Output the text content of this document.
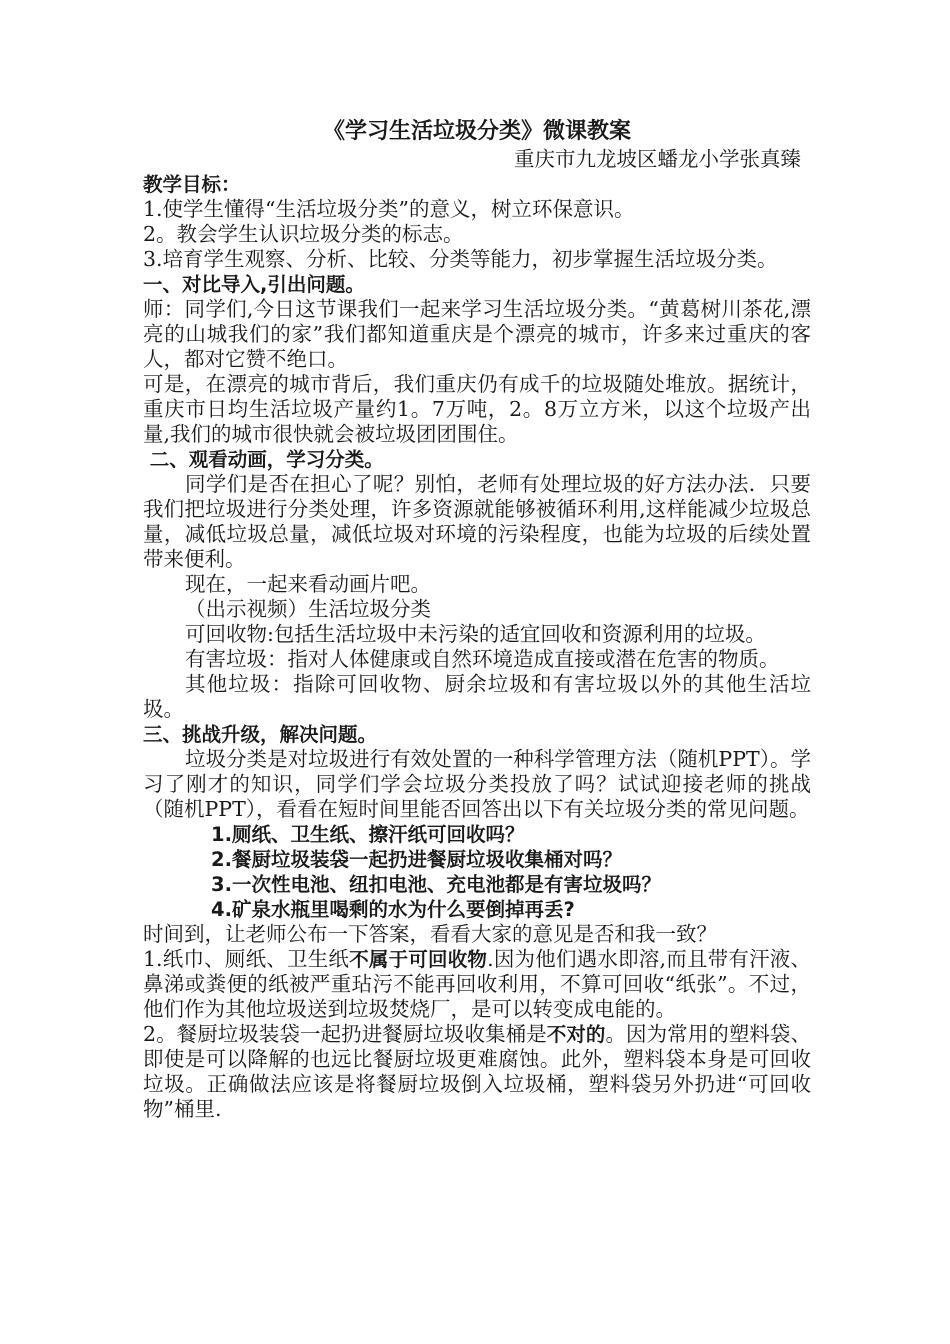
《学习生活垃圾分类》微课教案

重庆市九龙坡区蟠龙小学张真臻

教学目标：

1.使学生懂得“生活垃圾分类”的意义，树立环保意识。

2。教会学生认识垃圾分类的标志。

3.培育学生观察、分析、比较、分类等能力，初步掌握生活垃圾分类。

一、对比导入,引出问题。

师：同学们,今日这节课我们一起来学习生活垃圾分类。“黄葛树川茶花,漂亮的山城我们的家”我们都知道重庆是个漂亮的城市，许多来过重庆的客人，都对它赞不绝口。

可是，在漂亮的城市背后，我们重庆仍有成千的垃圾随处堆放。据统计，重庆市日均生活垃圾产量约1。7万吨，2。8万立方米，以这个垃圾产出量,我们的城市很快就会被垃圾团团围住。

二、观看动画，学习分类。

同学们是否在担心了呢？别怕，老师有处理垃圾的好方法办法．只要我们把垃圾进行分类处理，许多资源就能够被循环利用,这样能减少垃圾总量，减低垃圾总量，减低垃圾对环境的污染程度，也能为垃圾的后续处置带来便利。

现在，一起来看动画片吧。

（出示视频）生活垃圾分类

可回收物:包括生活垃圾中未污染的适宜回收和资源利用的垃圾。

有害垃圾：指对人体健康或自然环境造成直接或潜在危害的物质。

其他垃圾：指除可回收物、厨余垃圾和有害垃圾以外的其他生活垃圾。

三、挑战升级，解决问题。

垃圾分类是对垃圾进行有效处置的一种科学管理方法（随机PPT）。学习了刚才的知识，同学们学会垃圾分类投放了吗？试试迎接老师的挑战（随机PPT），看看在短时间里能否回答出以下有关垃圾分类的常见问题。

1.厕纸、卫生纸、擦汗纸可回收吗？

2.餐厨垃圾装袋一起扔进餐厨垃圾收集桶对吗？

3.一次性电池、纽扣电池、充电池都是有害垃圾吗？

4.矿泉水瓶里喝剩的水为什么要倒掉再丢?

时间到，让老师公布一下答案，看看大家的意见是否和我一致？

1.纸巾、厕纸、卫生纸不属于可回收物.因为他们遇水即溶,而且带有汗液、鼻涕或粪便的纸被严重玷污不能再回收利用，不算可回收“纸张”。不过，他们作为其他垃圾送到垃圾焚烧厂，是可以转变成电能的。

2。餐厨垃圾装袋一起扔进餐厨垃圾收集桶是不对的。因为常用的塑料袋、即使是可以降解的也远比餐厨垃圾更难腐蚀。此外，塑料袋本身是可回收垃圾。正确做法应该是将餐厨垃圾倒入垃圾桶，塑料袋另外扔进“可回收物”桶里.
